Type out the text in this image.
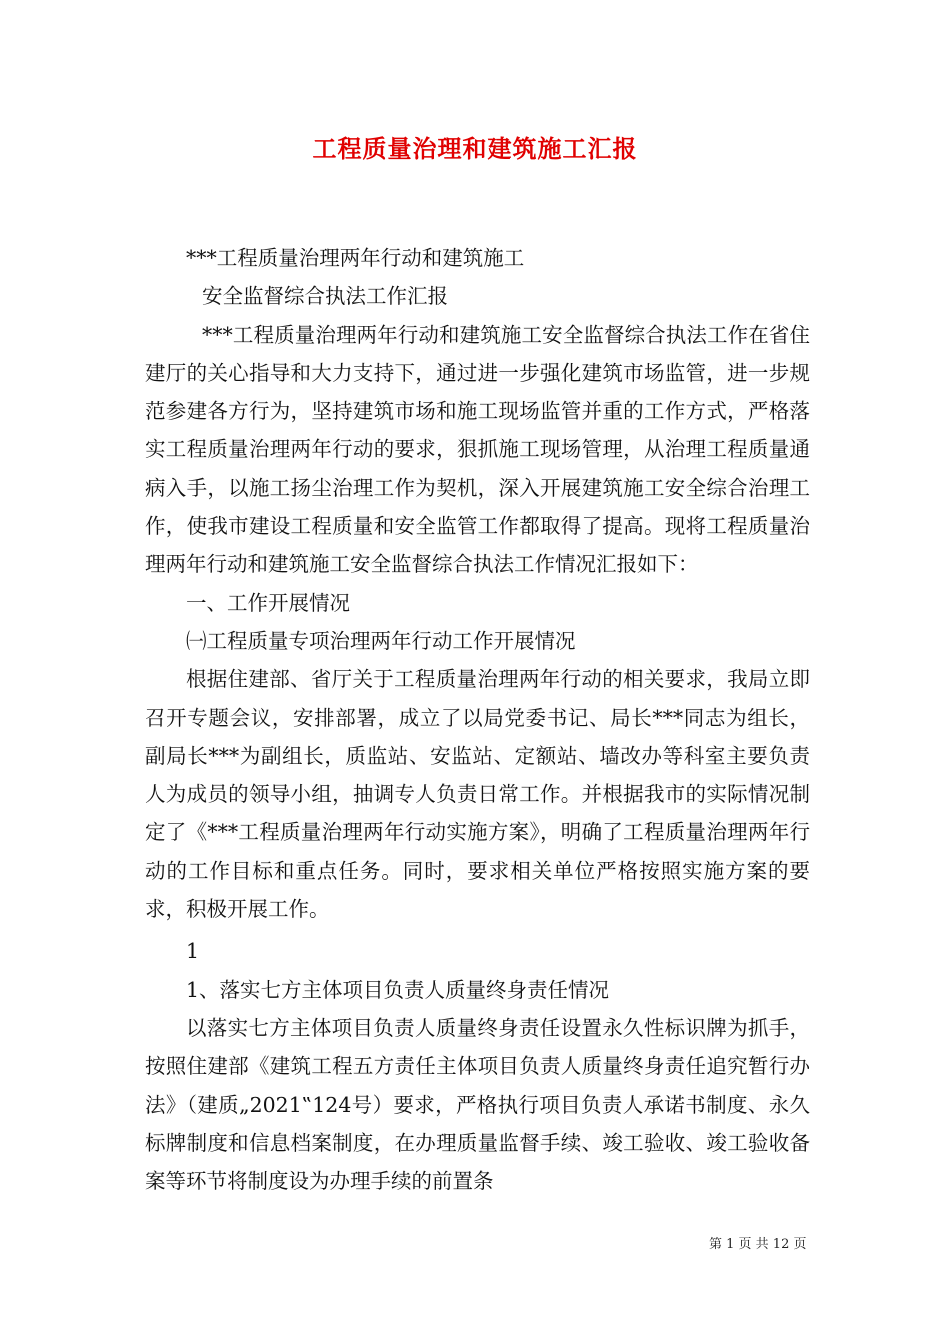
工程质量治理和建筑施工汇报

***工程质量治理两年行动和建筑施工

安全监督综合执法工作汇报

***工程质量治理两年行动和建筑施工安全监督综合执法工作在省住建厅的关心指导和大力支持下，通过进一步强化建筑市场监管，进一步规范参建各方行为，坚持建筑市场和施工现场监管并重的工作方式，严格落实工程质量治理两年行动的要求，狠抓施工现场管理，从治理工程质量通病入手，以施工扬尘治理工作为契机，深入开展建筑施工安全综合治理工作，使我市建设工程质量和安全监管工作都取得了提高。现将工程质量治理两年行动和建筑施工安全监督综合执法工作情况汇报如下：

一、工作开展情况

㈠工程质量专项治理两年行动工作开展情况

根据住建部、省厅关于工程质量治理两年行动的相关要求，我局立即召开专题会议，安排部署，成立了以局党委书记、局长***同志为组长，副局长***为副组长，质监站、安监站、定额站、墙改办等科室主要负责人为成员的领导小组，抽调专人负责日常工作。并根据我市的实际情况制定了《***工程质量治理两年行动实施方案》，明确了工程质量治理两年行动的工作目标和重点任务。同时，要求相关单位严格按照实施方案的要求，积极开展工作。

1

1、落实七方主体项目负责人质量终身责任情况

以落实七方主体项目负责人质量终身责任设置永久性标识牌为抓手，按照住建部《建筑工程五方责任主体项目负责人质量终身责任追究暂行办法》（建质„2021‟124号）要求，严格执行项目负责人承诺书制度、永久标牌制度和信息档案制度，在办理质量监督手续、竣工验收、竣工验收备案等环节将制度设为办理手续的前置条

第 1 页 共 12 页
